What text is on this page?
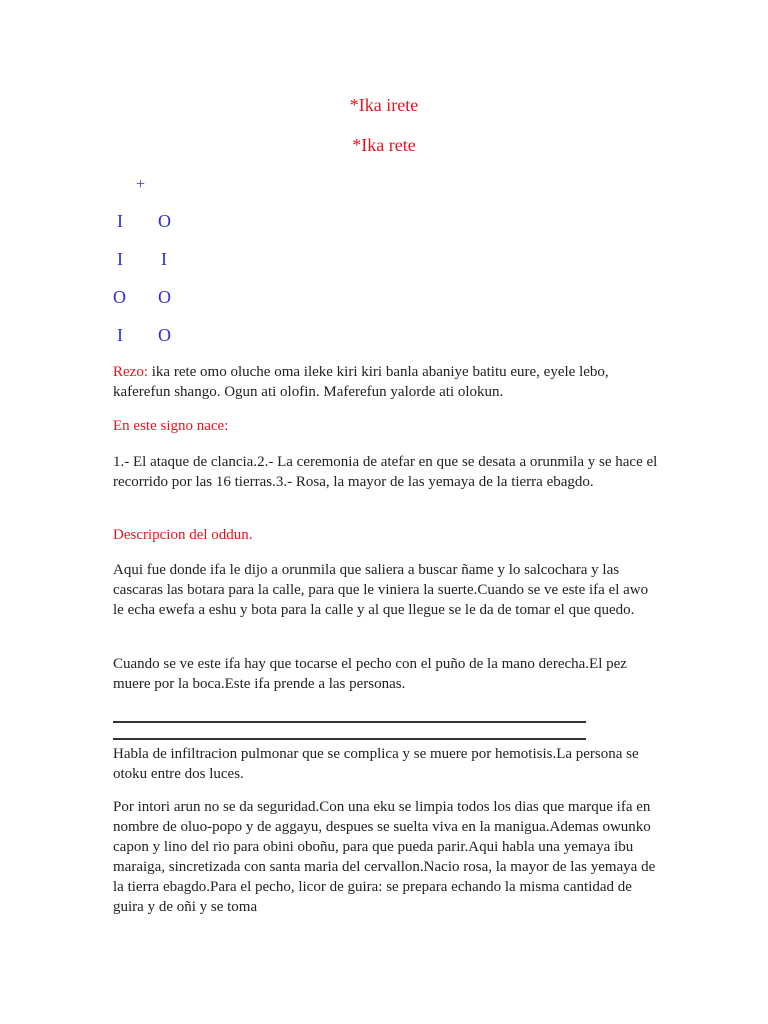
*Ika irete
*Ika rete
+
I O
I I
O O
I O

Rezo: ika rete omo oluche oma ileke kiri kiri banla abaniye batitu eure, eyele lebo, kaferefun shango. Ogun ati olofin. Maferefun yalorde ati olokun.

En este signo nace:

1.- El ataque de clancia.2.- La ceremonia de atefar en que se desata a orunmila y se hace el recorrido por las 16 tierras.3.- Rosa, la mayor de las yemaya de la tierra ebagdo.

Descripcion del oddun.

Aqui fue donde ifa le dijo a orunmila que saliera a buscar ñame y lo salcochara y las cascaras las botara para la calle, para que le viniera la suerte.Cuando se ve este ifa el awo le echa ewefa a eshu y bota para la calle y al que llegue se le da de tomar el que quedo.

Cuando se ve este ifa hay que tocarse el pecho con el puño de la mano derecha.El pez muere por la boca.Este ifa prende a las personas.

Habla de infiltracion pulmonar que se complica y se muere por hemotisis.La persona se otoku entre dos luces.

Por intori arun no se da seguridad.Con una eku se limpia todos los dias que marque ifa en nombre de oluo-popo y de aggayu, despues se suelta viva en la manigua.Ademas owunko capon y lino del rio para obini oboñu, para que pueda parir.Aqui habla una yemaya ibu maraiga, sincretizada con santa maria del cervallon.Nacio rosa, la mayor de las yemaya de la tierra ebagdo.Para el pecho, licor de guira: se prepara echando la misma cantidad de guira y de oñi y se toma
